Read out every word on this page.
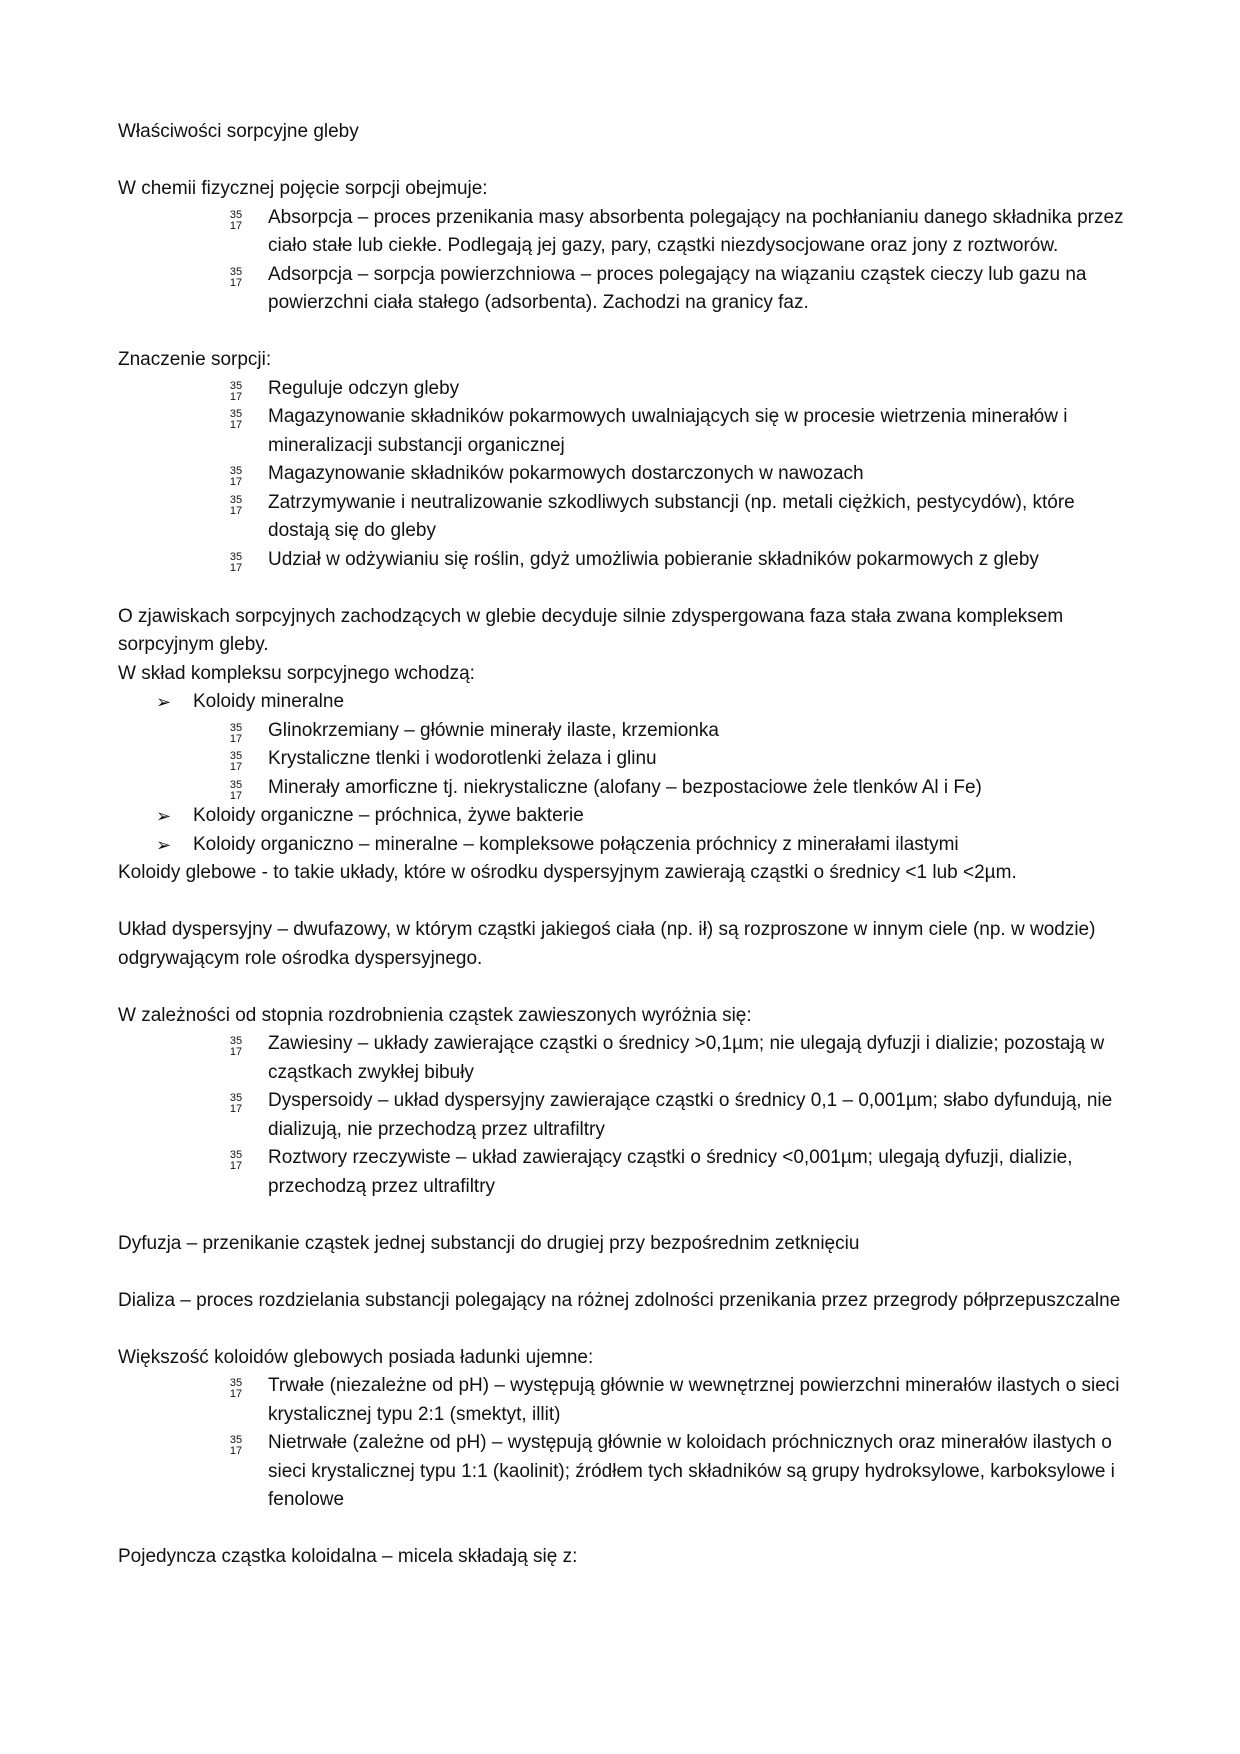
Właściwości sorpcyjne gleby

W chemii fizycznej pojęcie sorpcji obejmuje:

35
17 Absorpcja – proces przenikania masy absorbenta polegający na pochłanianiu danego składnika przez ciało stałe lub ciekłe. Podlegają jej gazy, pary, cząstki niezdysocjowane oraz jony z roztworów.
35
17 Adsorpcja – sorpcja powierzchniowa – proces polegający na wiązaniu cząstek cieczy lub gazu na powierzchni ciała stałego (adsorbenta). Zachodzi na granicy faz.

Znaczenie sorpcji:

35
17 Reguluje odczyn gleby
35
17 Magazynowanie składników pokarmowych uwalniających się w procesie wietrzenia minerałów i mineralizacji substancji organicznej
35
17 Magazynowanie składników pokarmowych dostarczonych w nawozach
35
17 Zatrzymywanie i neutralizowanie szkodliwych substancji (np. metali ciężkich, pestycydów), które dostają się do gleby
35
17 Udział w odżywianiu się roślin, gdyż umożliwia pobieranie składników pokarmowych z gleby

O zjawiskach sorpcyjnych zachodzących w glebie decyduje silnie zdyspergowana faza stała zwana kompleksem sorpcyjnym gleby.

W skład kompleksu sorpcyjnego wchodzą:

➢ Koloidy mineralne
35
17 Glinokrzemiany – głównie minerały ilaste, krzemionka
35
17 Krystaliczne tlenki i wodorotlenki żelaza i glinu
35
17 Minerały amorficzne tj. niekrystaliczne (alofany – bezpostaciowe żele tlenków Al i Fe)
➢ Koloidy organiczne – próchnica, żywe bakterie
➢ Koloidy organiczno – mineralne – kompleksowe połączenia próchnicy z minerałami ilastymi

Koloidy glebowe - to takie układy, które w ośrodku dyspersyjnym zawierają cząstki o średnicy <1 lub <2µm.

Układ dyspersyjny – dwufazowy, w którym cząstki jakiegoś ciała (np. ił) są rozproszone w innym ciele (np. w wodzie) odgrywającym role ośrodka dyspersyjnego.

W zależności od stopnia rozdrobnienia cząstek zawieszonych wyróżnia się:

35
17 Zawiesiny – układy zawierające cząstki o średnicy >0,1µm; nie ulegają dyfuzji i dializie; pozostają w cząstkach zwykłej bibuły
35
17 Dyspersoidy – układ dyspersyjny zawierające cząstki o średnicy 0,1 – 0,001µm; słabo dyfundują, nie dializują, nie przechodzą przez ultrafiltry
35
17 Roztwory rzeczywiste – układ zawierający cząstki o średnicy <0,001µm; ulegają dyfuzji, dializie, przechodzą przez ultrafiltry

Dyfuzja – przenikanie cząstek jednej substancji do drugiej przy bezpośrednim zetknięciu

Dializa – proces rozdzielania substancji polegający na różnej zdolności przenikania przez przegrody półprzepuszczalne

Większość koloidów glebowych posiada ładunki ujemne:

35
17 Trwałe (niezależne od pH) – występują głównie w wewnętrznej powierzchni minerałów ilastych o sieci krystalicznej typu 2:1 (smektyt, illit)
35
17 Nietrwałe (zależne od pH) – występują głównie w koloidach próchnicznych oraz minerałów ilastych o sieci krystalicznej typu 1:1 (kaolinit); źródłem tych składników są grupy hydroksylowe, karboksylowe i fenolowe

Pojedyncza cząstka koloidalna – micela składają się z:
